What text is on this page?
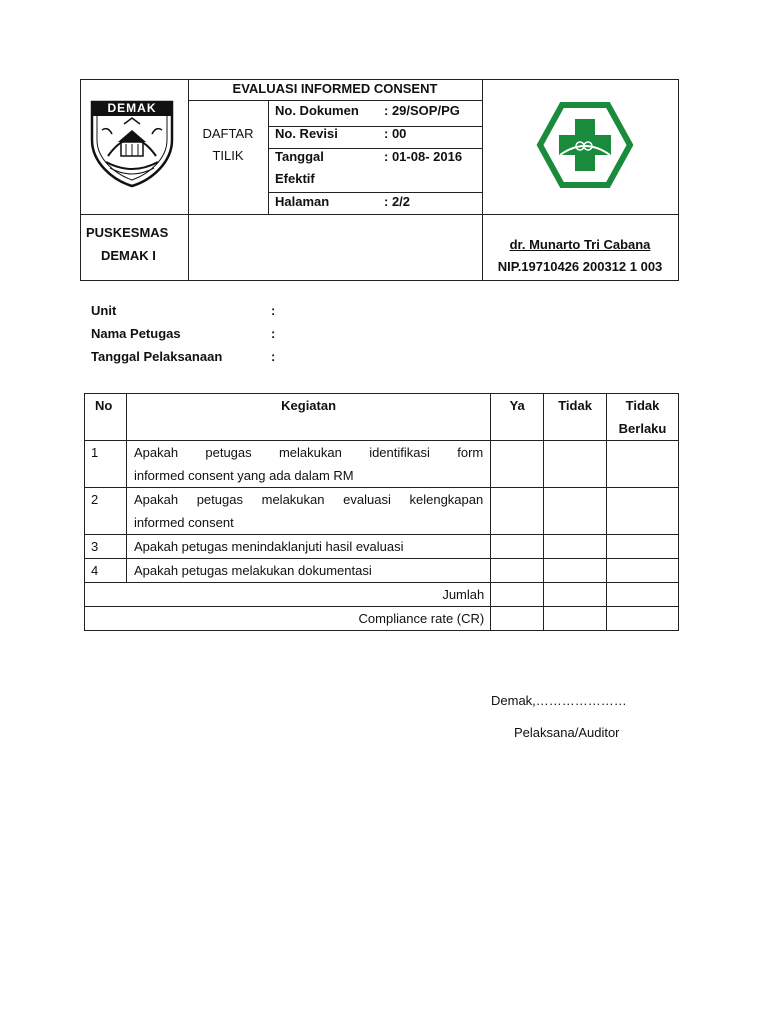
DEMAK
EVALUASI INFORMED CONSENT
DAFTAR
TILIK
No. Dokumen : 29/SOP/PG
No. Revisi	: 00
Tanggal	: 01-08- 2016
Efektif
Halaman	: 2/2
PUSKESMAS
DEMAK I
dr. Munarto Tri Cabana
NIP.19710426 200312 1 003
Unit	:
Nama Petugas	:
Tanggal Pelaksanaan	:
No	Kegiatan	Ya	Tidak	Tidak
Berlaku

1	Apakah petugas melakukan identifikasi form
informed consent yang ada dalam RM			

2	Apakah petugas melakukan evaluasi kelengkapan
informed consent			

3	Apakah petugas menindaklanjuti hasil evaluasi			
4	Apakah petugas melakukan dokumentasi			
Jumlah				
Compliance rate (CR)				
Demak,…………………
Pelaksana/Auditor
